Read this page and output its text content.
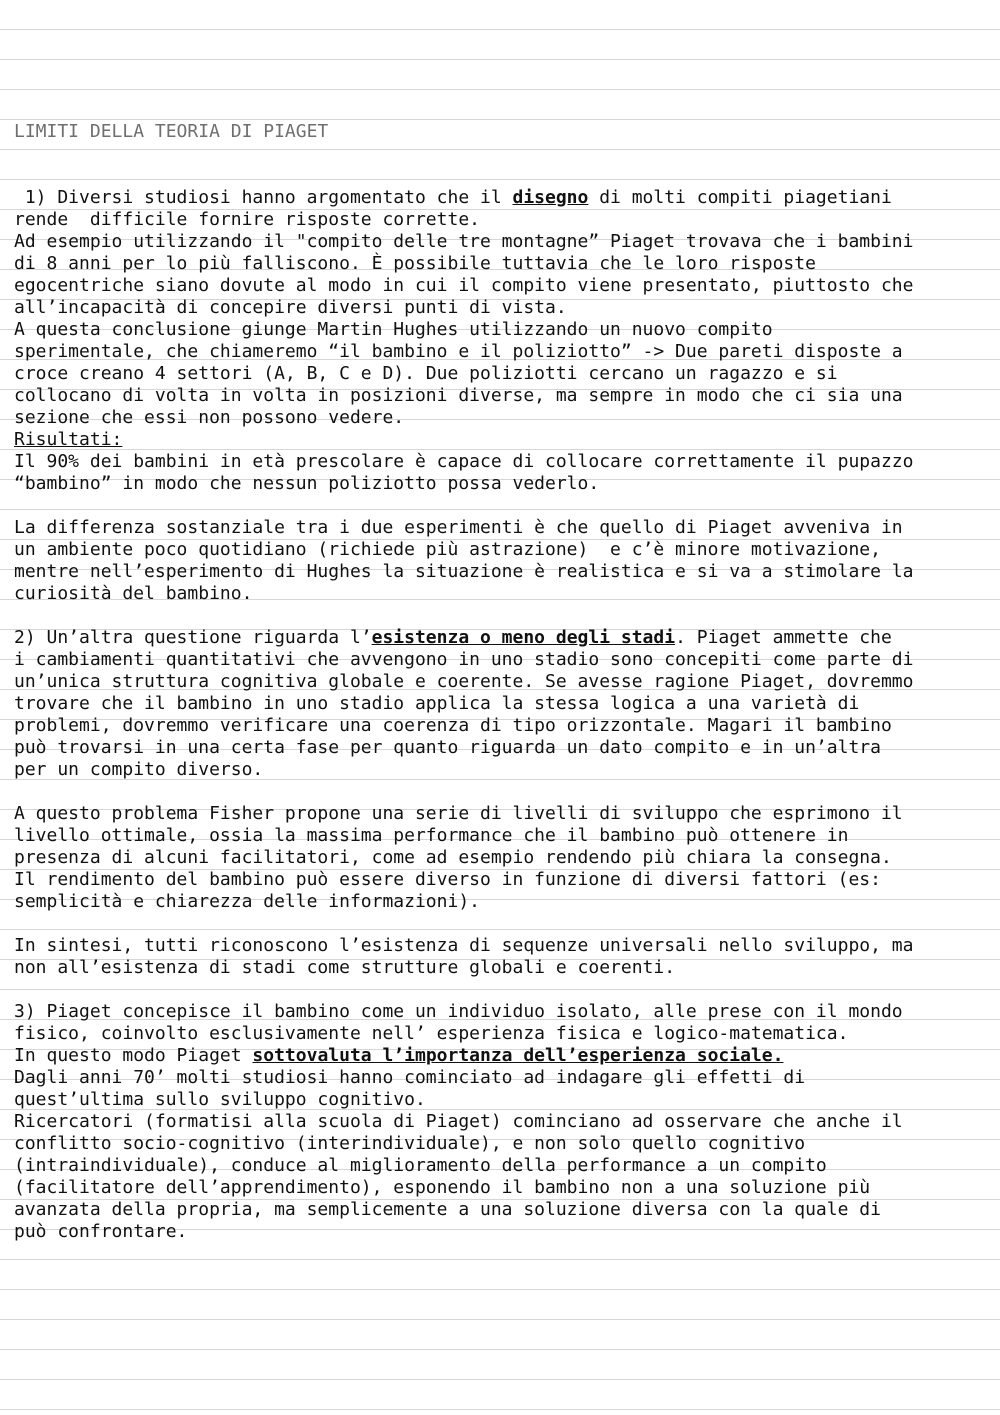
LIMITI DELLA TEORIA DI PIAGET

1) Diversi studiosi hanno argomentato che il disegno di molti compiti piagetiani
rende  difficile fornire risposte corrette.
Ad esempio utilizzando il "compito delle tre montagne” Piaget trovava che i bambini
di 8 anni per lo più falliscono. È possibile tuttavia che le loro risposte
egocentriche siano dovute al modo in cui il compito viene presentato, piuttosto che
all’incapacità di concepire diversi punti di vista.
A questa conclusione giunge Martin Hughes utilizzando un nuovo compito
sperimentale, che chiameremo “il bambino e il poliziotto” -> Due pareti disposte a
croce creano 4 settori (A, B, C e D). Due poliziotti cercano un ragazzo e si
collocano di volta in volta in posizioni diverse, ma sempre in modo che ci sia una
sezione che essi non possono vedere.
Risultati:
Il 90% dei bambini in età prescolare è capace di collocare correttamente il pupazzo
“bambino” in modo che nessun poliziotto possa vederlo.
La differenza sostanziale tra i due esperimenti è che quello di Piaget avveniva in
un ambiente poco quotidiano (richiede più astrazione)  e c’è minore motivazione,
mentre nell’esperimento di Hughes la situazione è realistica e si va a stimolare la
curiosità del bambino.
2) Un’altra questione riguarda l’esistenza o meno degli stadi. Piaget ammette che
i cambiamenti quantitativi che avvengono in uno stadio sono concepiti come parte di
un’unica struttura cognitiva globale e coerente. Se avesse ragione Piaget, dovremmo
trovare che il bambino in uno stadio applica la stessa logica a una varietà di
problemi, dovremmo verificare una coerenza di tipo orizzontale. Magari il bambino
può trovarsi in una certa fase per quanto riguarda un dato compito e in un’altra
per un compito diverso.
A questo problema Fisher propone una serie di livelli di sviluppo che esprimono il
livello ottimale, ossia la massima performance che il bambino può ottenere in
presenza di alcuni facilitatori, come ad esempio rendendo più chiara la consegna.
Il rendimento del bambino può essere diverso in funzione di diversi fattori (es:
semplicità e chiarezza delle informazioni).
In sintesi, tutti riconoscono l’esistenza di sequenze universali nello sviluppo, ma
non all’esistenza di stadi come strutture globali e coerenti.
3) Piaget concepisce il bambino come un individuo isolato, alle prese con il mondo
fisico, coinvolto esclusivamente nell’ esperienza fisica e logico-matematica.
In questo modo Piaget sottovaluta l’importanza dell’esperienza sociale.
Dagli anni 70’ molti studiosi hanno cominciato ad indagare gli effetti di
quest’ultima sullo sviluppo cognitivo.
Ricercatori (formatisi alla scuola di Piaget) cominciano ad osservare che anche il
conflitto socio-cognitivo (interindividuale), e non solo quello cognitivo
(intraindividuale), conduce al miglioramento della performance a un compito
(facilitatore dell’apprendimento), esponendo il bambino non a una soluzione più
avanzata della propria, ma semplicemente a una soluzione diversa con la quale di
può confrontare.
